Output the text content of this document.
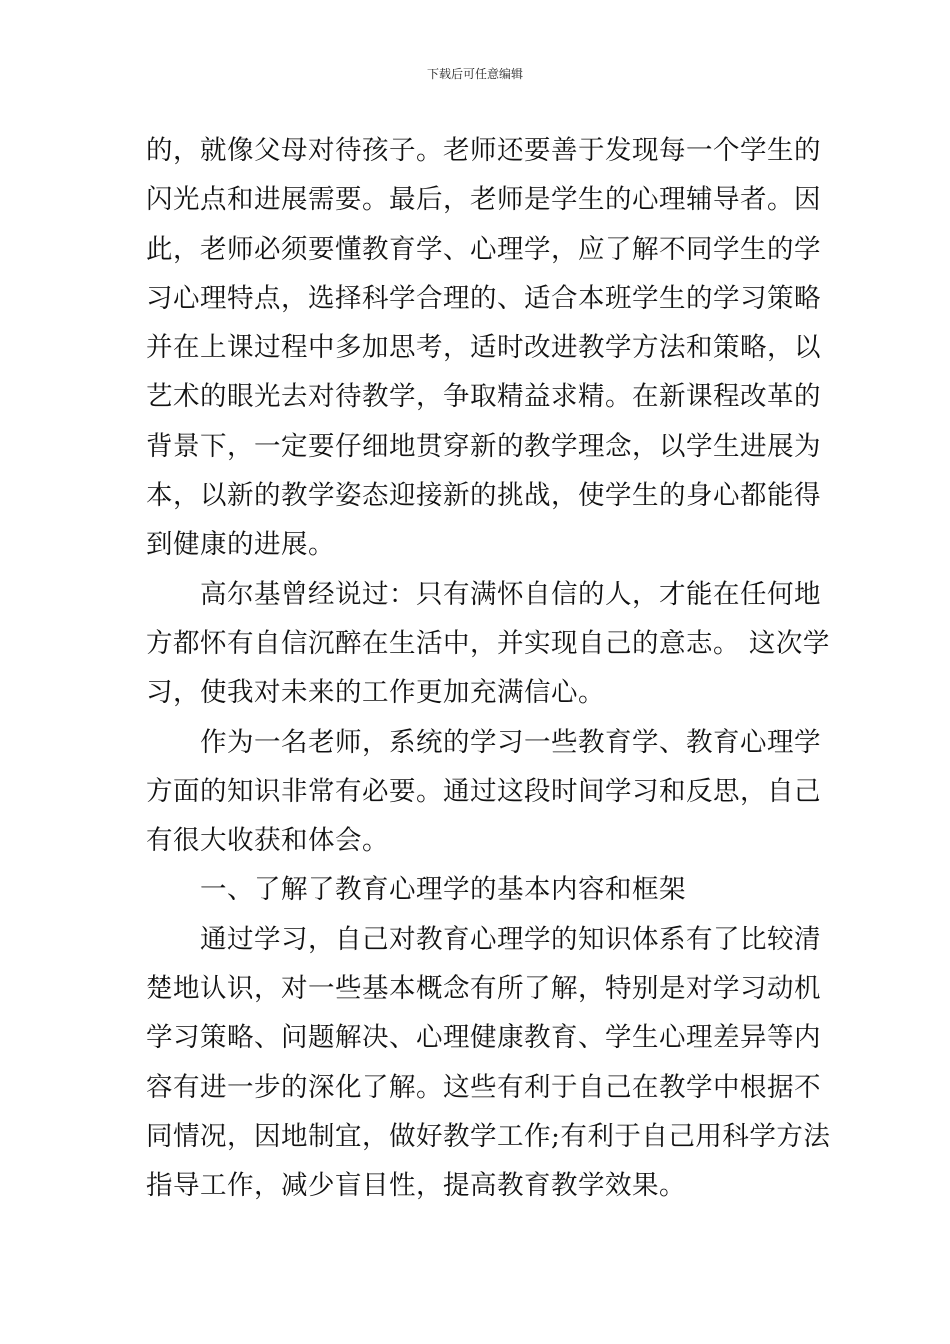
下载后可任意编辑
的，就像父母对待孩子。老师还要善于发现每一个学生的
闪光点和进展需要。最后，老师是学生的心理辅导者。因
此，老师必须要懂教育学、心理学，应了解不同学生的学
习心理特点，选择科学合理的、适合本班学生的学习策略
并在上课过程中多加思考，适时改进教学方法和策略，以
艺术的眼光去对待教学，争取精益求精。在新课程改革的
背景下，一定要仔细地贯穿新的教学理念，以学生进展为
本，以新的教学姿态迎接新的挑战，使学生的身心都能得
到健康的进展。
　　高尔基曾经说过：只有满怀自信的人，才能在任何地
方都怀有自信沉醉在生活中，并实现自己的意志。 这次学
习，使我对未来的工作更加充满信心。
　　作为一名老师，系统的学习一些教育学、教育心理学
方面的知识非常有必要。通过这段时间学习和反思，自己
有很大收获和体会。
　　一、了解了教育心理学的基本内容和框架
　　通过学习，自己对教育心理学的知识体系有了比较清
楚地认识，对一些基本概念有所了解，特别是对学习动机
学习策略、问题解决、心理健康教育、学生心理差异等内
容有进一步的深化了解。这些有利于自己在教学中根据不
同情况，因地制宜，做好教学工作;有利于自己用科学方法
指导工作，减少盲目性，提高教育教学效果。
